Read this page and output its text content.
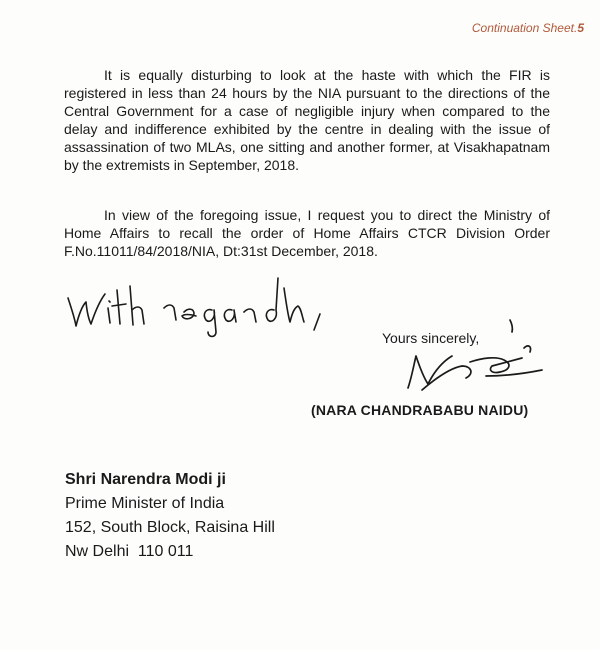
Continuation Sheet.5

It is equally disturbing to look at the haste with which the FIR is registered in less than 24 hours by the NIA pursuant to the directions of the Central Government for a case of negligible injury when compared to the delay and indifference exhibited by the centre in dealing with the issue of assassination of two MLAs, one sitting and another former, at Visakhapatnam by the extremists in September, 2018.

In view of the foregoing issue, I request you to direct the Ministry of Home Affairs to recall the order of Home Affairs CTCR Division Order F.No.11011/84/2018/NIA, Dt:31st December, 2018.

Yours sincerely,
(NARA CHANDRABABU NAIDU)
Shri Narendra Modi ji
Prime Minister of India
152, South Block, Raisina Hill
Nw Delhi  110 011
